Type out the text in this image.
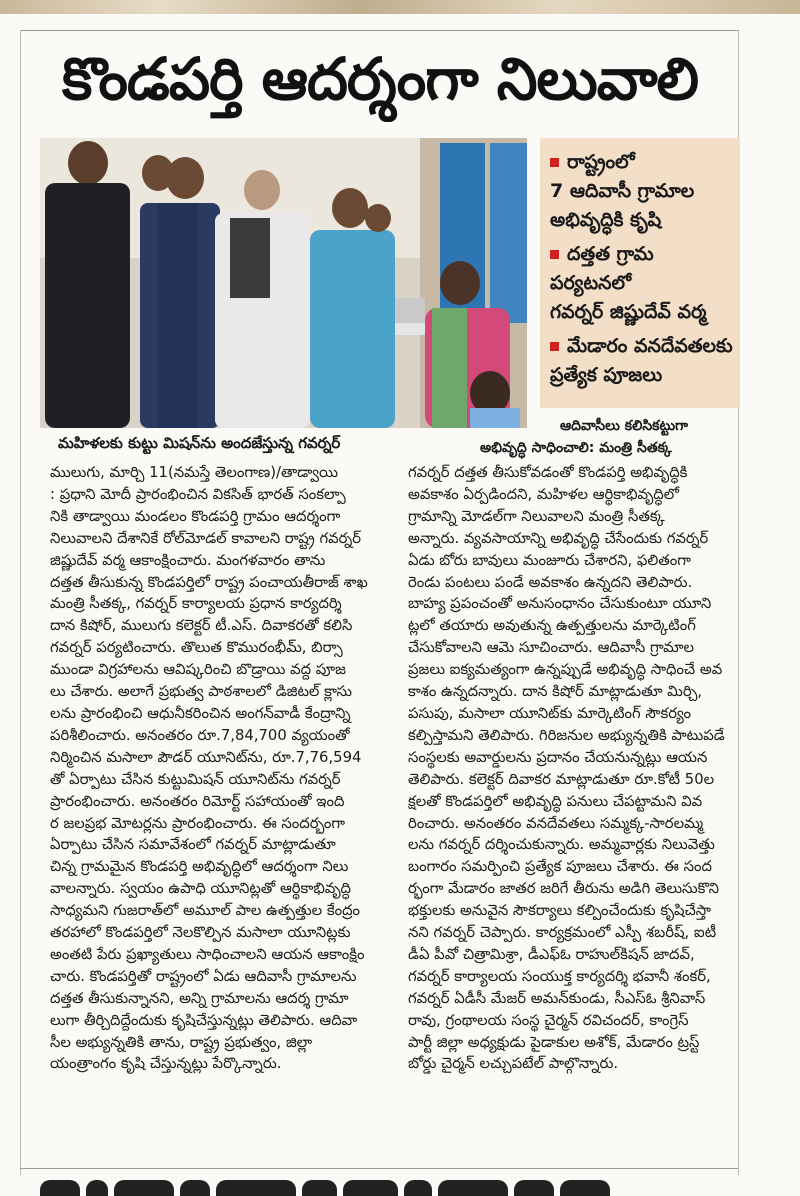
కొండపర్తి ఆదర్శంగా నిలువాలి
రాష్ట్రంలో
7 ఆదివాసీ గ్రామాల
అభివృద్ధికి కృషి
దత్తత గ్రామ
పర్యటనలో
గవర్నర్ జిష్ణుదేవ్ వర్మ
మేడారం వనదేవతలకు
ప్రత్యేక పూజలు
మహిళలకు కుట్టు మిషన్‌ను అందజేస్తున్న గవర్నర్
ఆదివాసీలు కలిసికట్టుగా
అభివృద్ధి సాధించాలి: మంత్రి సీతక్క
ములుగు, మార్చి 11(నమస్తే తెలంగాణ)/తాడ్వాయి
: ప్రధాని మోదీ ప్రారంభించిన వికసిత్ భారత్ సంకల్పా
నికి తాడ్వాయి మండలం కొండపర్తి గ్రామం ఆదర్శంగా
నిలువాలని దేశానికే రోల్‌మోడల్ కావాలని రాష్ట్ర గవర్నర్
జిష్ణుదేవ్ వర్మ ఆకాంక్షించారు. మంగళవారం తాను
దత్తత తీసుకున్న కొండపర్తిలో రాష్ట్ర పంచాయతీరాజ్ శాఖ
మంత్రి సీతక్క, గవర్నర్ కార్యాలయ ప్రధాన కార్యదర్శి
దాన కిషోర్, ములుగు కలెక్టర్ టీ.ఎస్. దివాకరతో కలిసి
గవర్నర్ పర్యటించారు. తొలుత కొమురంభీమ్, బిర్సా
ముండా విగ్రహాలను ఆవిష్కరించి బొడ్రాయి వద్ద పూజ
లు చేశారు. అలాగే ప్రభుత్వ పాఠశాలలో డిజిటల్ క్లాసు
లను ప్రారంభించి ఆధునీకరించిన అంగన్‌వాడీ కేంద్రాన్ని
పరిశీలించారు. అనంతరం రూ.7,84,700 వ్యయంతో
నిర్మించిన మసాలా పౌడర్ యూనిట్‌ను, రూ.7,76,594
తో ఏర్పాటు చేసిన కుట్టుమిషన్ యూనిట్‌ను గవర్నర్
ప్రారంభించారు. అనంతరం రిమోర్ట్ సహాయంతో ఇంది
ర జలప్రభ మోటర్లను ప్రారంభించారు. ఈ సందర్భంగా
ఏర్పాటు చేసిన సమావేశంలో గవర్నర్ మాట్లాడుతూ
చిన్న గ్రామమైన కొండపర్తి అభివృద్ధిలో ఆదర్శంగా నిలు
వాలన్నారు. స్వయం ఉపాధి యూనిట్లతో ఆర్థికాభివృద్ధి
సాధ్యమని గుజరాత్‌లో అమూల్ పాల ఉత్పత్తుల కేంద్రం
తరహాలో కొండపర్తిలో నెలకొల్పిన మసాలా యూనిట్లకు
అంతటి పేరు ప్రఖ్యాతులు సాధించాలని ఆయన ఆకాంక్షిం
చారు. కొండపర్తితో రాష్ట్రంలో ఏడు ఆదివాసీ గ్రామాలను
దత్తత తీసుకున్నానని, అన్ని గ్రామాలను ఆదర్శ గ్రామా
లుగా తీర్చిదిద్దేందుకు కృషిచేస్తున్నట్లు తెలిపారు. ఆదివా
సీల అభ్యున్నతికి తాను, రాష్ట్ర ప్రభుత్వం, జిల్లా
యంత్రాంగం కృషి చేస్తున్నట్లు పేర్కొన్నారు.
గవర్నర్ దత్తత తీసుకోవడంతో కొండపర్తి అభివృద్ధికి
అవకాశం ఏర్పడిందని, మహిళల ఆర్థికాభివృద్ధిలో
గ్రామాన్ని మోడల్‌గా నిలువాలని మంత్రి సీతక్క
అన్నారు. వ్యవసాయాన్ని అభివృద్ధి చేసేందుకు గవర్నర్
ఏడు బోరు బావులు మంజూరు చేశారని, ఫలితంగా
రెండు పంటలు పండే అవకాశం ఉన్నదని తెలిపారు.
బాహ్య ప్రపంచంతో అనుసంధానం చేసుకుంటూ యూని
ట్లలో తయారు అవుతున్న ఉత్పత్తులను మార్కెటింగ్
చేసుకోవాలని ఆమె సూచించారు. ఆదివాసీ గ్రామాల
ప్రజలు ఐక్యమత్యంగా ఉన్నప్పుడే అభివృద్ధి సాధించే అవ
కాశం ఉన్నదన్నారు. దాన కిషోర్ మాట్లాడుతూ మిర్చి,
పసుపు, మసాలా యూనిట్‌కు మార్కెటింగ్ సౌకర్యం
కల్పిస్తామని తెలిపారు. గిరిజనుల అభ్యున్నతికి పాటుపడే
సంస్థలకు అవార్డులను ప్రదానం చేయనున్నట్లు ఆయన
తెలిపారు. కలెక్టర్ దివాకర మాట్లాడుతూ రూ.కోటీ 50ల
క్షలతో కొండపర్తిలో అభివృద్ధి పనులు చేపట్టామని వివ
రించారు. అనంతరం వనదేవతలు సమ్మక్క-సారలమ్మ
లను గవర్నర్ దర్శించుకున్నారు. అమ్మవార్లకు నిలువెత్తు
బంగారం సమర్పించి ప్రత్యేక పూజలు చేశారు. ఈ సంద
ర్భంగా మేడారం జాతర జరిగే తీరును అడిగి తెలుసుకొని
భక్తులకు అనువైన సౌకర్యాలు కల్పించేందుకు కృషిచేస్తా
నని గవర్నర్ చెప్పారు. కార్యక్రమంలో ఎస్పీ శబరీష్, ఐటీ
డీఏ పీవో చిత్రామిశ్రా, డీఎఫ్‌ఓ రాహుల్‌కిషన్ జాదవ్,
గవర్నర్ కార్యాలయ సంయుక్త కార్యదర్శి భవానీ శంకర్,
గవర్నర్ ఏడీసీ మేజర్ అమన్‌కుండు, సీఎస్ఓ శ్రీనివాస్
రావు, గ్రంథాలయ సంస్థ చైర్మన్ రవిచందర్, కాంగ్రెస్
పార్టీ జిల్లా అధ్యక్షుడు పైడాకుల అశోక్, మేడారం ట్రస్ట్
బోర్డు చైర్మన్ లచ్చుపటేల్ పాల్గొన్నారు.
